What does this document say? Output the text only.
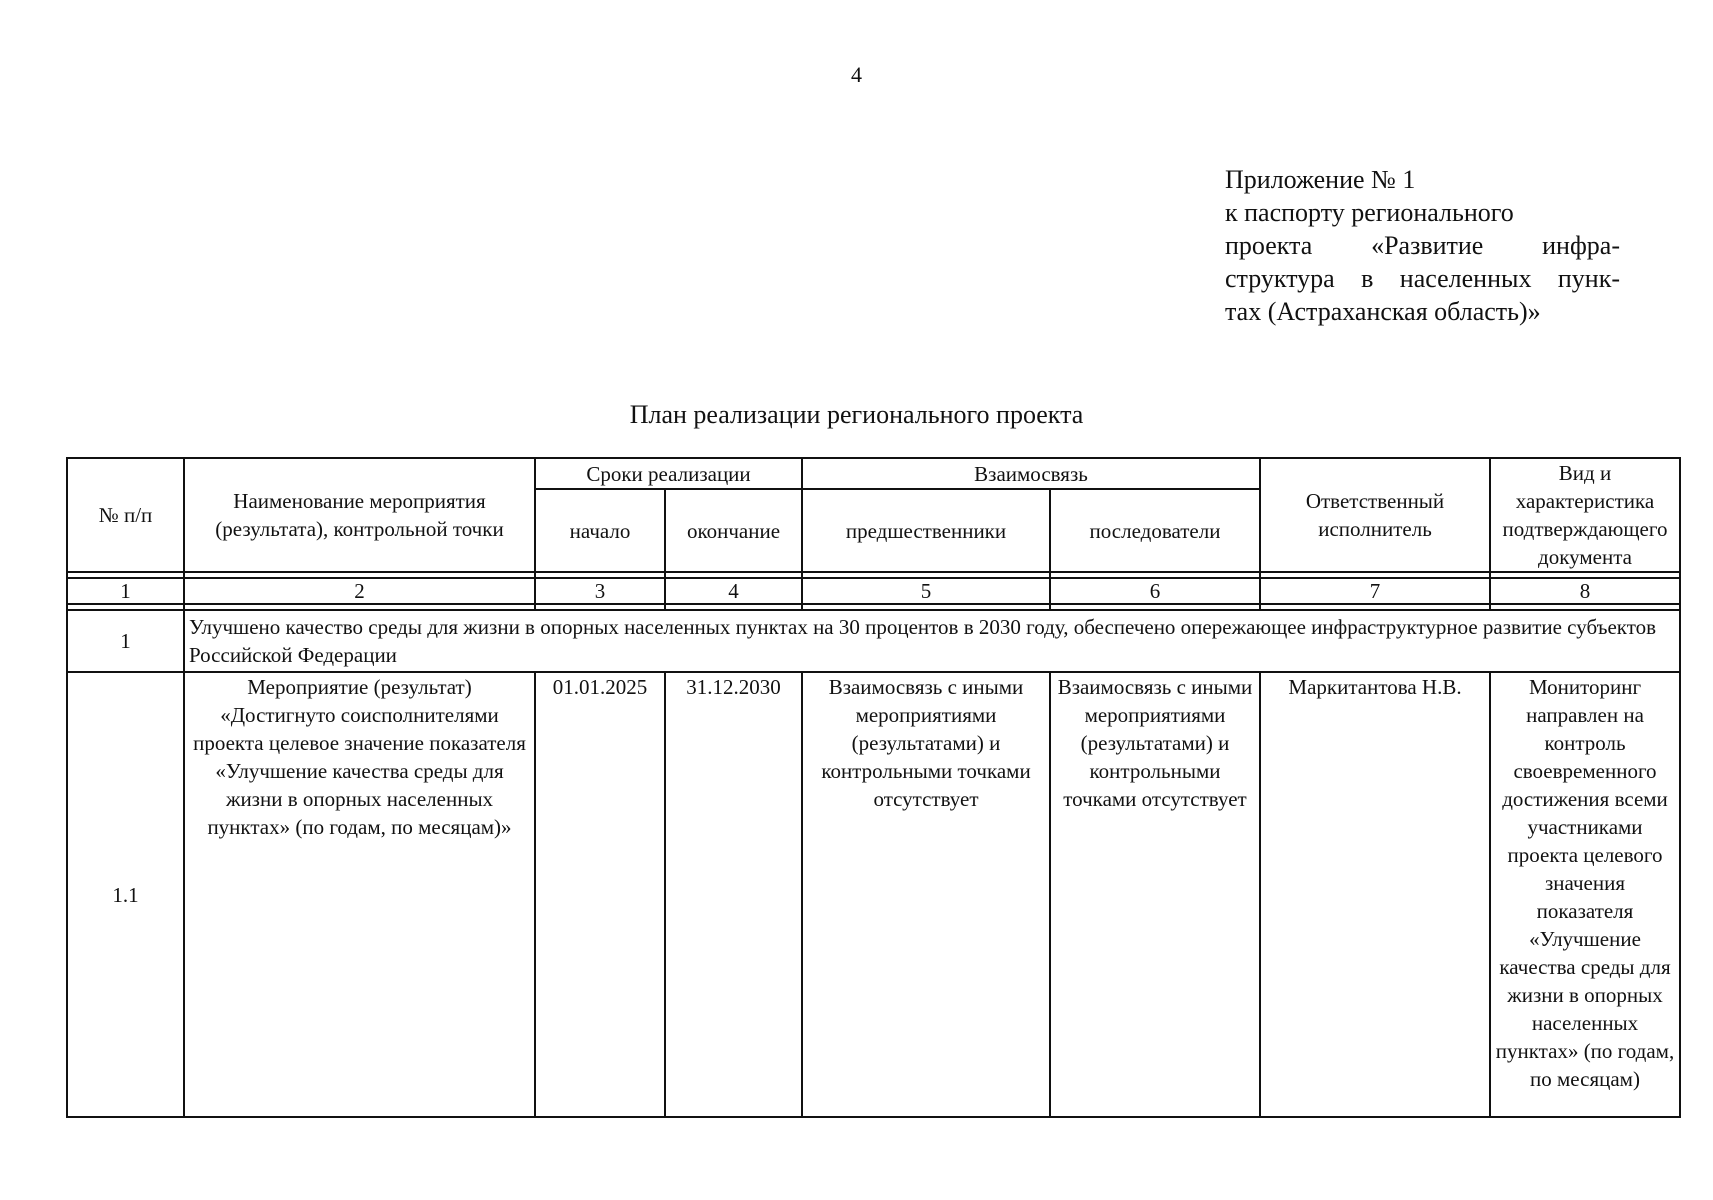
4
Приложение № 1
к паспорту регионального
проекта «Развитие инфра-
структура в населенных пунк-
тах (Астраханская область)»
План реализации регионального проекта
№ п/п	Наименование мероприятия (результата), контрольной точки	Сроки реализации		Взаимосвязь		Ответственный исполнитель	Вид и характеристика подтверждающего документа
		начало	окончание	предшественники	последователи		

1	2	3	4	5	6	7	8

1	Улучшено качество среды для жизни в опорных населенных пунктах на 30 процентов в 2030 году, обеспечено опережающее инфраструктурное развитие субъектов Российской Федерации						
1.1	Мероприятие (результат) «Достигнуто соисполнителями проекта целевое значение показателя «Улучшение качества среды для жизни в опорных населенных пунктах» (по годам, по месяцам)»	01.01.2025	31.12.2030	Взаимосвязь с иными мероприятиями (результатами) и контрольными точками отсутствует	Взаимосвязь с иными мероприятиями (результатами) и контрольными точками отсутствует	Маркитантова Н.В.	Мониторинг направлен на контроль своевременного достижения всеми участниками проекта целевого значения показателя «Улучшение качества среды для жизни в опорных населенных пунктах» (по годам, по месяцам)
